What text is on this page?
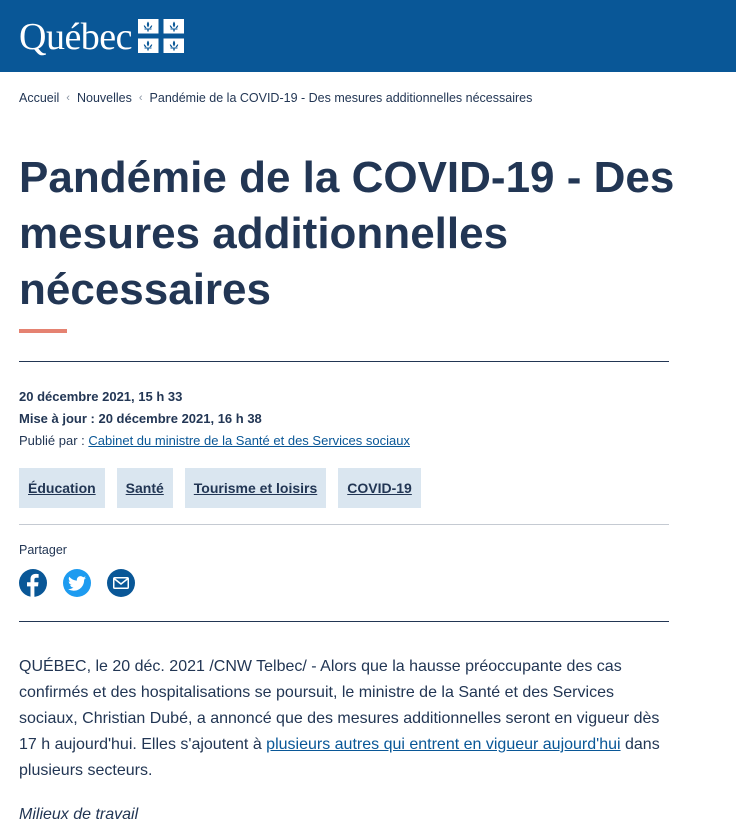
Québec
Accueil ‹ Nouvelles ‹ Pandémie de la COVID-19 - Des mesures additionnelles nécessaires
Pandémie de la COVID-19 - Des mesures additionnelles nécessaires
20 décembre 2021, 15 h 33
Mise à jour : 20 décembre 2021, 16 h 38
Publié par : Cabinet du ministre de la Santé et des Services sociaux
Éducation	Santé	Tourisme et loisirs	COVID-19
Partager

QUÉBEC, le 20 déc. 2021 /CNW Telbec/ - Alors que la hausse préoccupante des cas confirmés et des hospitalisations se poursuit, le ministre de la Santé et des Services sociaux, Christian Dubé, a annoncé que des mesures additionnelles seront en vigueur dès 17 h aujourd'hui. Elles s'ajoutent à plusieurs autres qui entrent en vigueur aujourd'hui dans plusieurs secteurs.

Milieux de travail
